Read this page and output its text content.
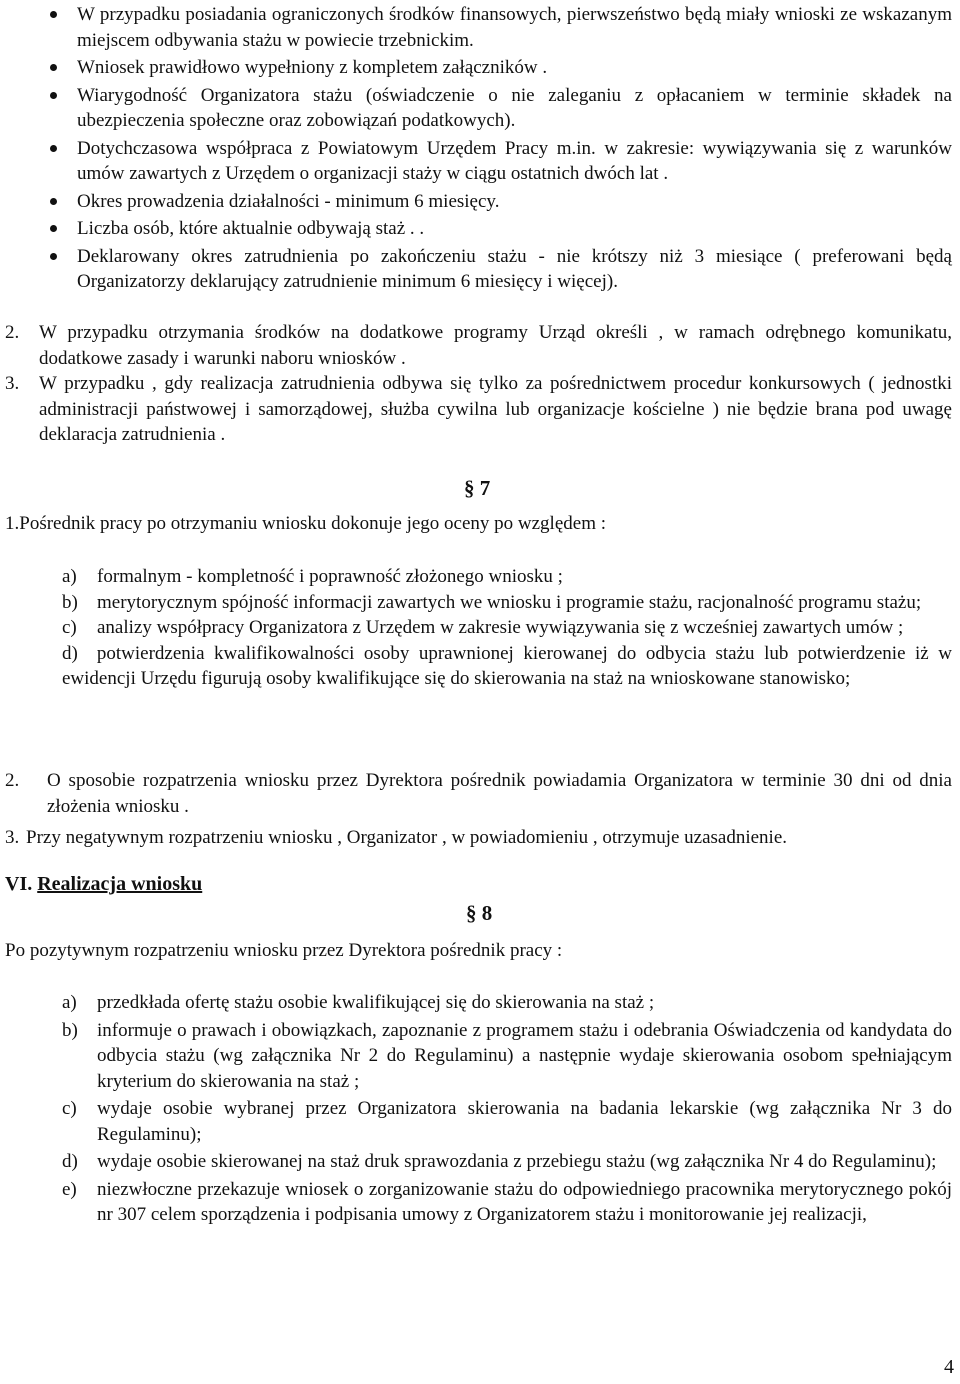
W przypadku posiadania ograniczonych środków finansowych, pierwszeństwo będą miały wnioski ze wskazanym miejscem odbywania stażu w powiecie trzebnickim.

Wniosek prawidłowo wypełniony z kompletem załączników .

Wiarygodność Organizatora stażu (oświadczenie o nie zaleganiu z opłacaniem w terminie składek na ubezpieczenia społeczne oraz zobowiązań podatkowych).

Dotychczasowa współpraca z Powiatowym Urzędem Pracy m.in. w zakresie: wywiązywania się z warunków umów zawartych z Urzędem o organizacji staży w ciągu ostatnich dwóch lat .

Okres prowadzenia działalności - minimum 6 miesięcy.

Liczba osób, które aktualnie odbywają staż . .

Deklarowany okres zatrudnienia po zakończeniu stażu - nie krótszy niż 3 miesiące ( preferowani będą Organizatorzy deklarujący zatrudnienie minimum 6 miesięcy i więcej).

2. W przypadku otrzymania środków na dodatkowe programy Urząd określi , w ramach odrębnego komunikatu, dodatkowe zasady i warunki naboru wniosków .

3. W przypadku , gdy realizacja zatrudnienia odbywa się tylko za pośrednictwem procedur konkursowych ( jednostki administracji państwowej i samorządowej, służba cywilna lub organizacje kościelne ) nie będzie brana pod uwagę deklaracja zatrudnienia .

§ 7
1.Pośrednik pracy po otrzymaniu wniosku dokonuje jego oceny po względem :

a) formalnym - kompletność i poprawność złożonego wniosku ;

b) merytorycznym spójność informacji zawartych we wniosku i programie stażu, racjonalność programu stażu;

c) analizy współpracy Organizatora z Urzędem w zakresie wywiązywania się z wcześniej zawartych umów ;

d) potwierdzenia kwalifikowalności osoby uprawnionej kierowanej do odbycia stażu lub potwierdzenie iż w ewidencji Urzędu figurują osoby kwalifikujące się do skierowania na staż na wnioskowane stanowisko;

2. O sposobie rozpatrzenia wniosku przez Dyrektora pośrednik powiadamia Organizatora w terminie 30 dni od dnia złożenia wniosku .

3. Przy negatywnym rozpatrzeniu wniosku , Organizator , w powiadomieniu , otrzymuje uzasadnienie.

VI. Realizacja wniosku
§ 8
Po pozytywnym rozpatrzeniu wniosku przez Dyrektora pośrednik pracy :

a) przedkłada ofertę stażu osobie kwalifikującej się do skierowania na staż ;

b) informuje o prawach i obowiązkach, zapoznanie z programem stażu i odebrania Oświadczenia od kandydata do odbycia stażu (wg załącznika Nr 2 do Regulaminu) a następnie wydaje skierowania osobom spełniającym kryterium do skierowania na staż ;

c) wydaje osobie wybranej przez Organizatora skierowania na badania lekarskie (wg załącznika Nr 3 do Regulaminu);

d) wydaje osobie skierowanej na staż druk sprawozdania z przebiegu stażu (wg załącznika Nr 4 do Regulaminu);

e) niezwłoczne przekazuje wniosek o zorganizowanie stażu do odpowiedniego pracownika merytorycznego pokój nr 307 celem sporządzenia i podpisania umowy z Organizatorem stażu i monitorowanie jej realizacji,

4
